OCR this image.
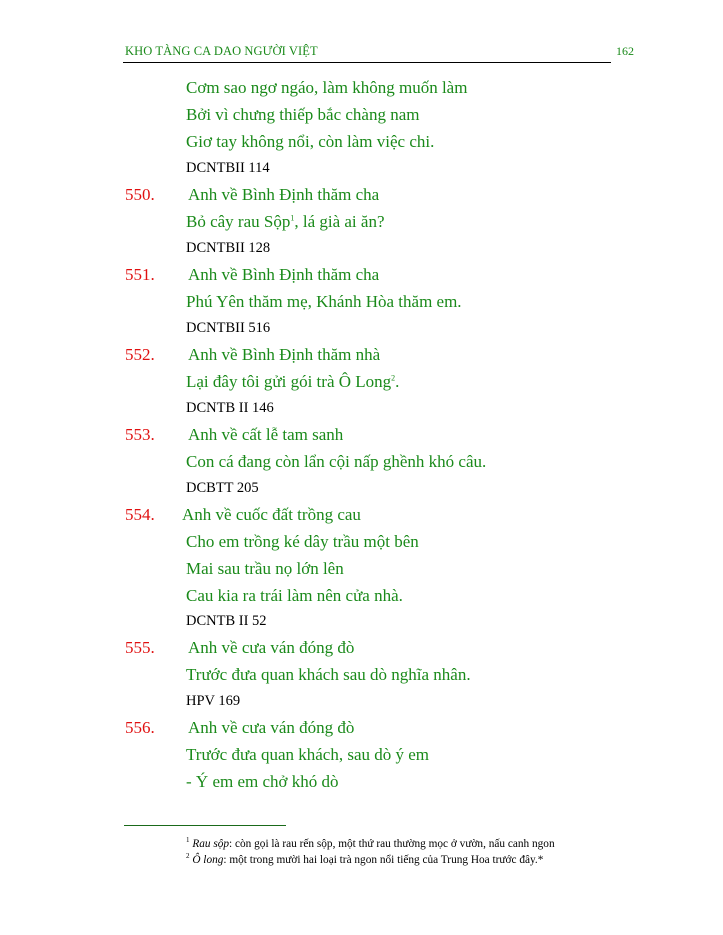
KHO TÀNG CA DAO NGƯỜI VIỆT	162
Cơm sao ngơ ngáo, làm không muốn làm
Bởi vì chưng thiếp bắc chàng nam
Giơ tay không nổi, còn làm việc chi.
DCNTBII 114
550. Anh về Bình Định thăm cha
Bỏ cây rau Sộp$^1$, lá già ai ăn?
DCNTBII 128
551. Anh về Bình Định thăm cha
Phú Yên thăm mẹ, Khánh Hòa thăm em.
DCNTBII 516
552. Anh về Bình Định thăm nhà
Lại đây tôi gửi gói trà Ô Long$^2$.
DCNTB II 146
553. Anh về cất lễ tam sanh
Con cá đang còn lẩn cội nấp ghềnh khó câu.
DCBTT 205
554. Anh về cuốc đất trồng cau
Cho em trồng ké dây trầu một bên
Mai sau trầu nọ lớn lên
Cau kia ra trái làm nên cửa nhà.
DCNTB II 52
555. Anh về cưa ván đóng đò
Trước đưa quan khách sau dò nghĩa nhân.
HPV 169
556. Anh về cưa ván đóng đò
Trước đưa quan khách, sau dò ý em
- Ý em em chở khó dò
$^1$ Rau sộp: còn gọi là rau rến sộp, một thứ rau thường mọc ở vườn, nấu canh ngon
$^2$ Ô long: một trong mười hai loại trà ngon nổi tiếng của Trung Hoa trước đây.*
